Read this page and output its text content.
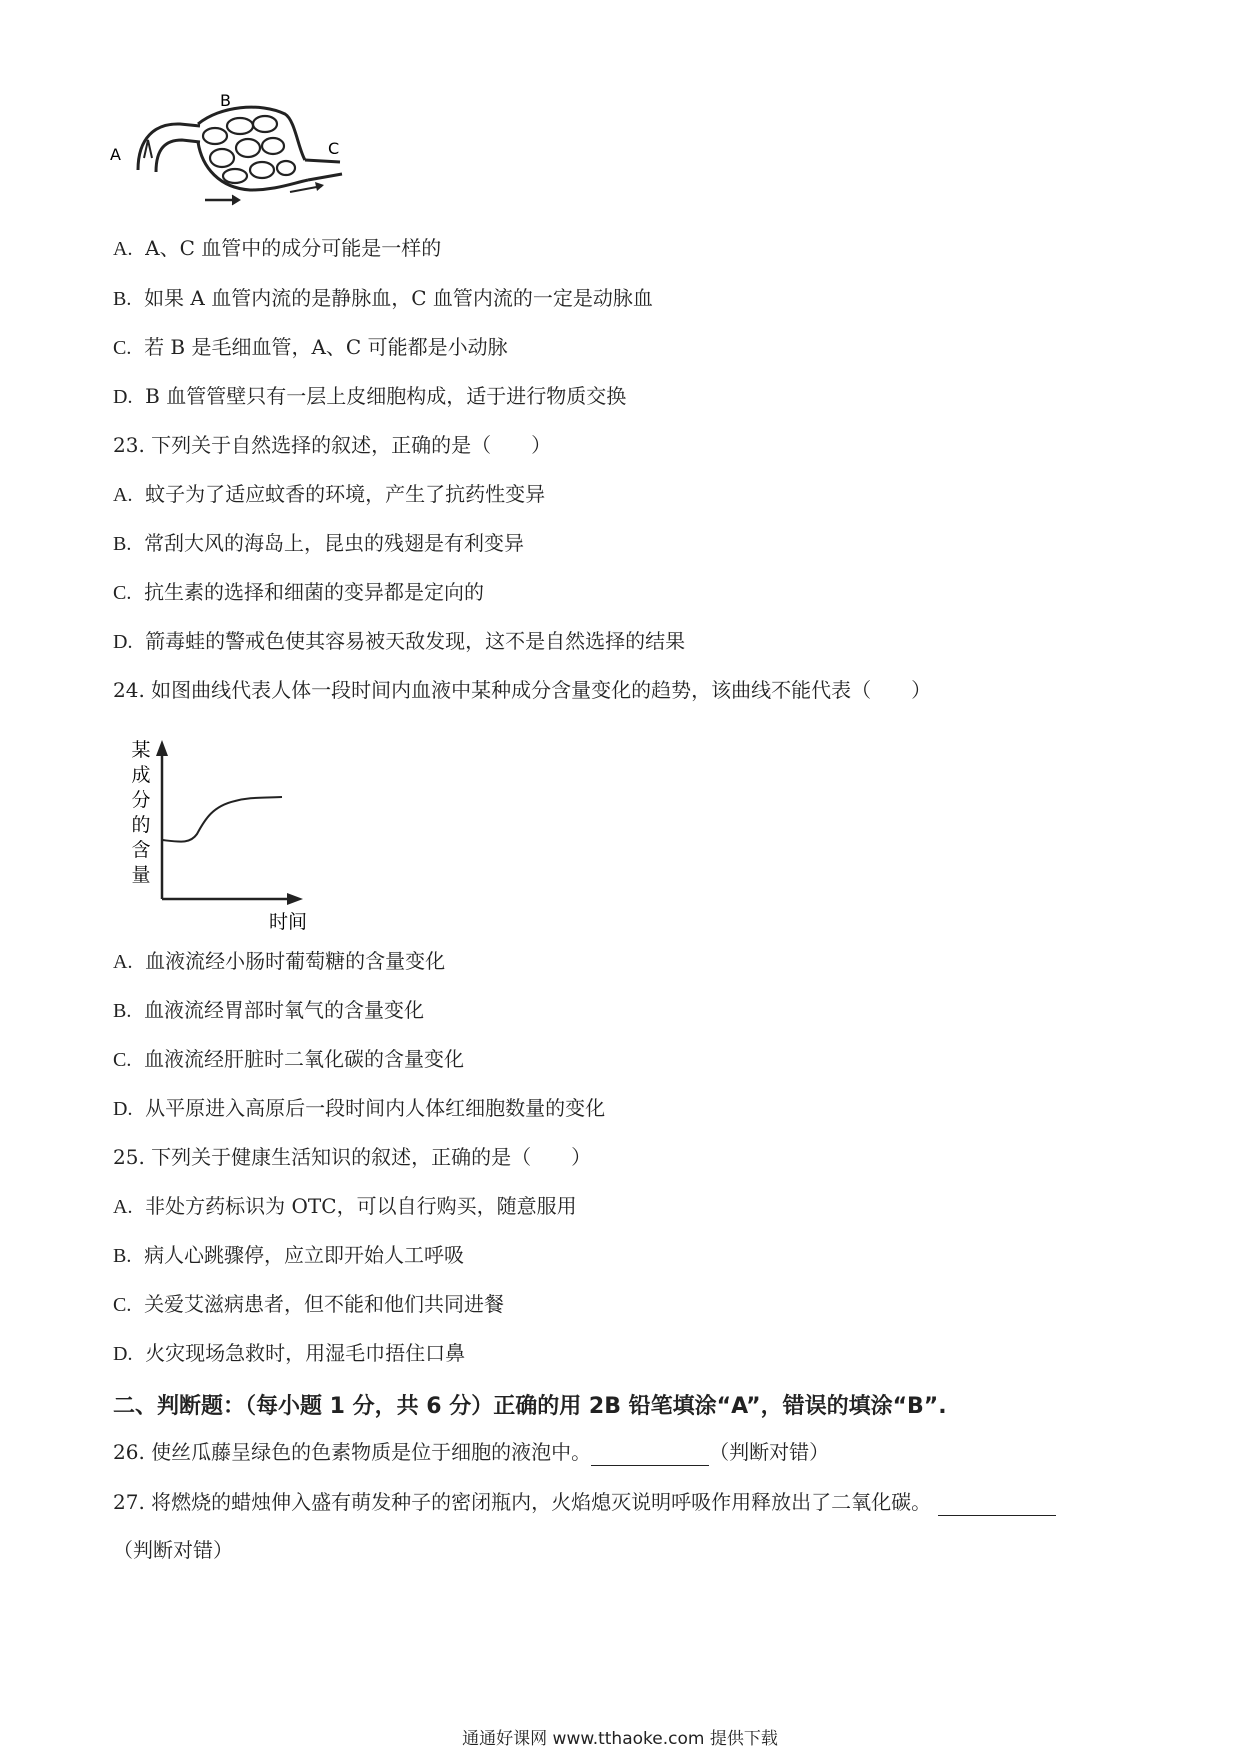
A
B
C
A. A、C 血管中的成分可能是一样的
B. 如果 A 血管内流的是静脉血，C 血管内流的一定是动脉血
C. 若 B 是毛细血管，A、C 可能都是小动脉
D. B 血管管壁只有一层上皮细胞构成，适于进行物质交换
23. 下列关于自然选择的叙述，正确的是（　　）
A. 蚊子为了适应蚊香的环境，产生了抗药性变异
B. 常刮大风的海岛上，昆虫的残翅是有利变异
C. 抗生素的选择和细菌的变异都是定向的
D. 箭毒蛙的警戒色使其容易被天敌发现，这不是自然选择的结果
24. 如图曲线代表人体一段时间内血液中某种成分含量变化的趋势，该曲线不能代表（　　）
某
成
分
的
含
量
时间
A. 血液流经小肠时葡萄糖的含量变化
B. 血液流经胃部时氧气的含量变化
C. 血液流经肝脏时二氧化碳的含量变化
D. 从平原进入高原后一段时间内人体红细胞数量的变化
25. 下列关于健康生活知识的叙述，正确的是（　　）
A. 非处方药标识为 OTC，可以自行购买，随意服用
B. 病人心跳骤停，应立即开始人工呼吸
C. 关爱艾滋病患者，但不能和他们共同进餐
D. 火灾现场急救时，用湿毛巾捂住口鼻
二、判断题：（每小题 1 分，共 6 分）正确的用 2B 铅笔填涂“A”，错误的填涂“B”.
26. 使丝瓜藤呈绿色的色素物质是位于细胞的液泡中。	（判断对错）
27. 将燃烧的蜡烛伸入盛有萌发种子的密闭瓶内，火焰熄灭说明呼吸作用释放出了二氧化碳。
（判断对错）
通通好课网 www.tthaoke.com 提供下载
